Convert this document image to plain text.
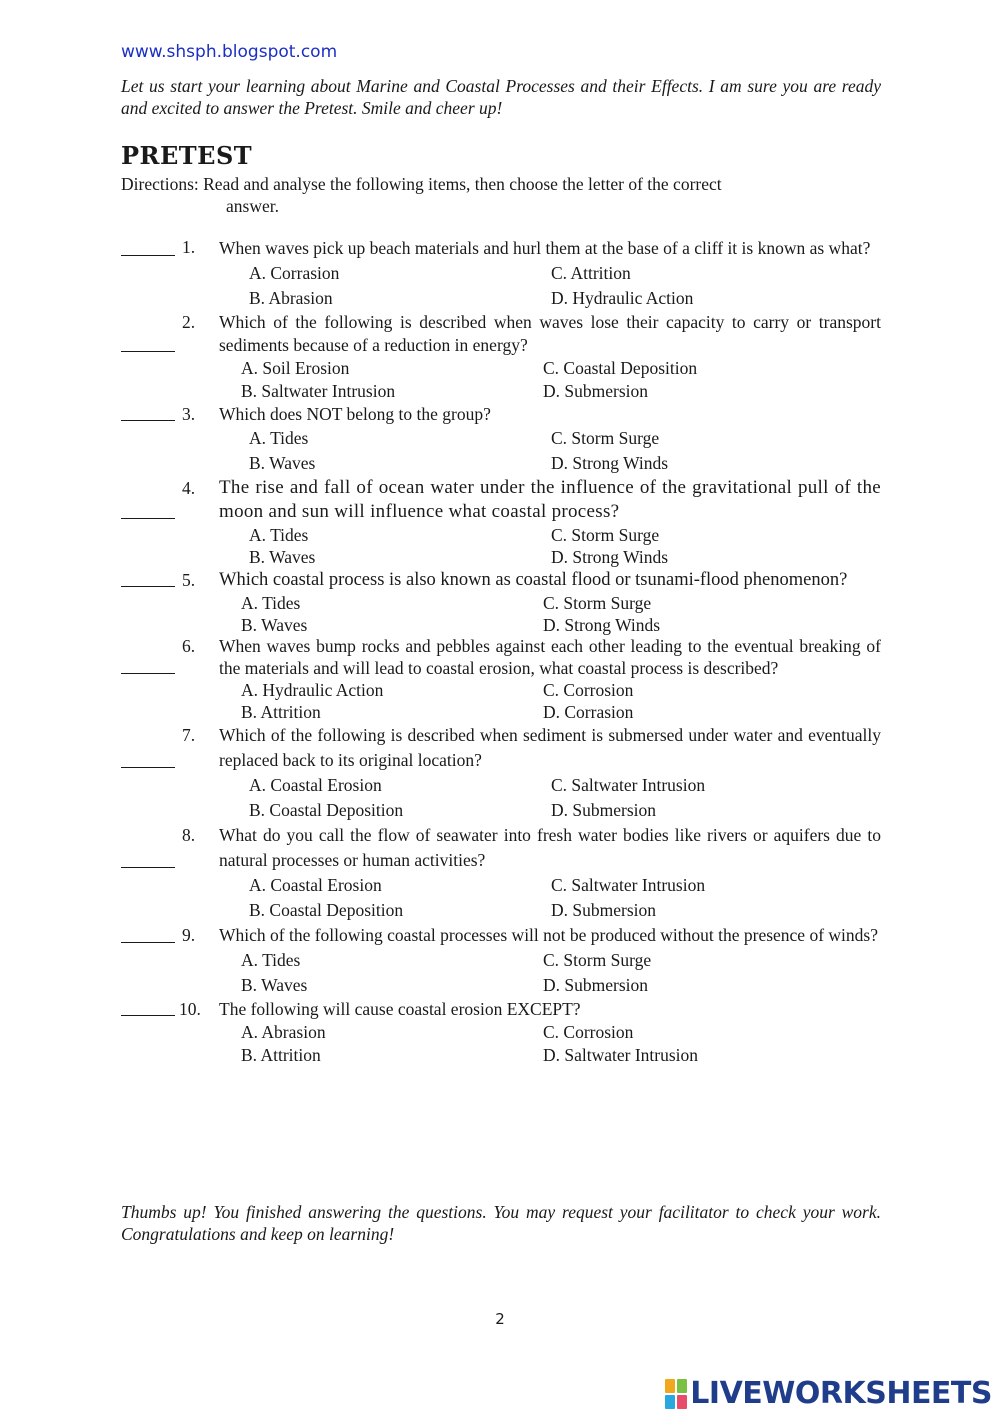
www.shsph.blogspot.com

Let us start your learning about Marine and Coastal Processes and their Effects. I am sure you are ready and excited to answer the Pretest. Smile and cheer up!

PRETEST

Directions: Read and analyse the following items, then choose the letter of the correct
answer.

1.	When waves pick up beach materials and hurl them at the base of a cliff it is known as what?
A. Corrasion	C. Attrition
B. Abrasion	D. Hydraulic Action
2.	Which of the following is described when waves lose their capacity to carry or transport sediments because of a reduction in energy?
A. Soil Erosion	C. Coastal Deposition
B. Saltwater Intrusion	D. Submersion
3.	Which does NOT belong to the group?
A. Tides	C. Storm Surge
B. Waves	D. Strong Winds
4.	The rise and fall of ocean water under the influence of the gravitational pull of the moon and sun will influence what coastal process?
A. Tides	C. Storm Surge
B. Waves	D. Strong Winds
5.	Which coastal process is also known as coastal flood or tsunami-flood phenomenon?
A. Tides	C. Storm Surge
B. Waves	D. Strong Winds
6.	When waves bump rocks and pebbles against each other leading to the eventual breaking of the materials and will lead to coastal erosion, what coastal process is described?
A. Hydraulic Action	C. Corrosion
B. Attrition	D. Corrasion
7.	Which of the following is described when sediment is submersed under water and eventually replaced back to its original location?
A. Coastal Erosion	C. Saltwater Intrusion
B. Coastal Deposition	D. Submersion
8.	What do you call the flow of seawater into fresh water bodies like rivers or aquifers due to natural processes or human activities?
A. Coastal Erosion	C. Saltwater Intrusion
B. Coastal Deposition	D. Submersion
9.	Which of the following coastal processes will not be produced without the presence of winds?
A. Tides	C. Storm Surge
B. Waves	D. Submersion
10.	The following will cause coastal erosion EXCEPT?
A. Abrasion	C. Corrosion
B. Attrition	D. Saltwater Intrusion

Thumbs up! You finished answering the questions. You may request your facilitator to check your work. Congratulations and keep on learning!

2
LIVEWORKSHEETS
